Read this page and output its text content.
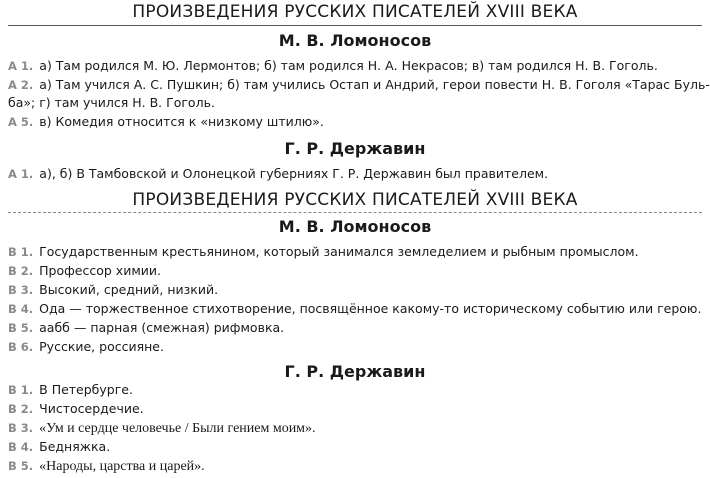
ПРОИЗВЕДЕНИЯ РУССКИХ ПИСАТЕЛЕЙ XVIII ВЕКА
М. В. Ломоносов
А 1. а) Там родился М. Ю. Лермонтов; б) там родился Н. А. Некрасов; в) там родился Н. В. Гоголь.
А 2. а) Там учился А. С. Пушкин; б) там учились Остап и Андрий, герои повести Н. В. Гоголя «Тарас Буль-
ба»; г) там учился Н. В. Гоголь.
А 5. в) Комедия относится к «низкому штилю».
Г. Р. Державин
А 1. а), б) В Тамбовской и Олонецкой губерниях Г. Р. Державин был правителем.
ПРОИЗВЕДЕНИЯ РУССКИХ ПИСАТЕЛЕЙ XVIII ВЕКА
М. В. Ломоносов
В 1. Государственным крестьянином, который занимался земледелием и рыбным промыслом.
В 2. Профессор химии.
В 3. Высокий, средний, низкий.
В 4. Ода — торжественное стихотворение, посвящённое какому-то историческому событию или герою.
В 5. аабб — парная (смежная) рифмовка.
В 6. Русские, россияне.
Г. Р. Державин
В 1. В Петербурге.
В 2. Чистосердечие.
В 3. «Ум и сердце человечье / Были гением моим».
В 4. Бедняжка.
В 5. «Народы, царства и царей».
